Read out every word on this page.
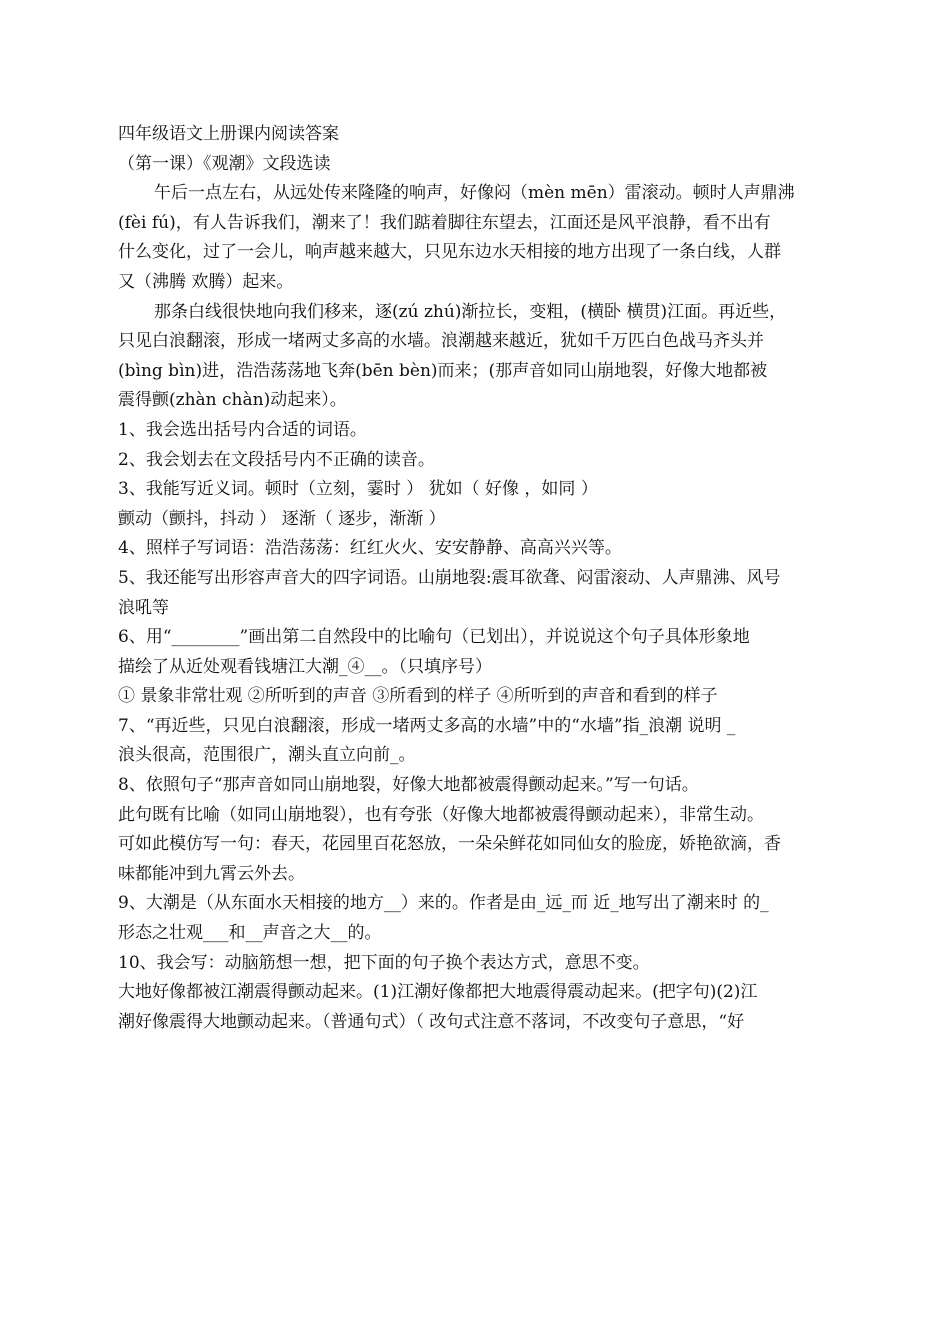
四年级语文上册课内阅读答案
（第一课）《观潮》文段选读
午后一点左右，从远处传来隆隆的响声，好像闷（mèn mēn）雷滚动。顿时人声鼎沸
(fèi fú)，有人告诉我们，潮来了！我们踮着脚往东望去，江面还是风平浪静，看不出有
什么变化，过了一会儿，响声越来越大，只见东边水天相接的地方出现了一条白线，人群
又（沸腾 欢腾）起来。
那条白线很快地向我们移来，逐(zú zhú)渐拉长，变粗，(横卧 横贯)江面。再近些，
只见白浪翻滚，形成一堵两丈多高的水墙。浪潮越来越近，犹如千万匹白色战马齐头并
(bìng bìn)进，浩浩荡荡地飞奔(bēn bèn)而来；(那声音如同山崩地裂，好像大地都被
震得颤(zhàn chàn)动起来）。
1、我会选出括号内合适的词语。
2、我会划去在文段括号内不正确的读音。
3、我能写近义词。顿时（立刻，霎时 ） 犹如（ 好像 ，如同 ）
颤动（颤抖，抖动 ） 逐渐（ 逐步，渐渐 ）
4、照样子写词语：浩浩荡荡：红红火火、安安静静、高高兴兴等。
5、我还能写出形容声音大的四字词语。山崩地裂:震耳欲聋、闷雷滚动、人声鼎沸、风号
浪吼等
6、用“________”画出第二自然段中的比喻句（已划出），并说说这个句子具体形象地
描绘了从近处观看钱塘江大潮_④__。（只填序号）
① 景象非常壮观 ②所听到的声音 ③所看到的样子 ④所听到的声音和看到的样子
7、“再近些，只见白浪翻滚，形成一堵两丈多高的水墙”中的“水墙”指_浪潮 说明 _
浪头很高，范围很广，潮头直立向前_。
8、依照句子“那声音如同山崩地裂，好像大地都被震得颤动起来。”写一句话。
此句既有比喻（如同山崩地裂），也有夸张（好像大地都被震得颤动起来），非常生动。
可如此模仿写一句：春天，花园里百花怒放，一朵朵鲜花如同仙女的脸庞，娇艳欲滴，香
味都能冲到九霄云外去。
9、大潮是（从东面水天相接的地方__）来的。作者是由_远_而 近_地写出了潮来时 的_
形态之壮观___和__声音之大__的。
10、我会写：动脑筋想一想，把下面的句子换个表达方式，意思不变。
大地好像都被江潮震得颤动起来。(1)江潮好像都把大地震得震动起来。(把字句)(2)江
潮好像震得大地颤动起来。（普通句式）（ 改句式注意不落词，不改变句子意思，“好
